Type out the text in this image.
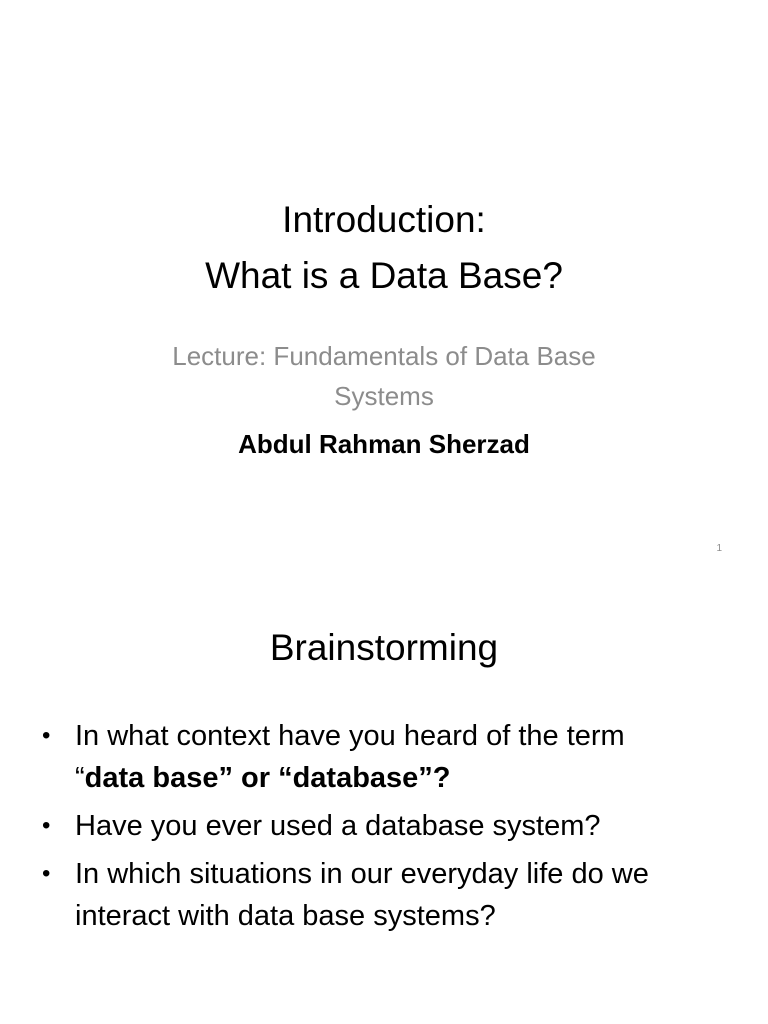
Introduction:
What is a Data Base?
Lecture: Fundamentals of Data Base
Systems
Abdul Rahman Sherzad
1
Brainstorming
• In what context have you heard of the term
“data base” or “database”?
• Have you ever used a database system?
• In which situations in our everyday life do we
interact with data base systems?
